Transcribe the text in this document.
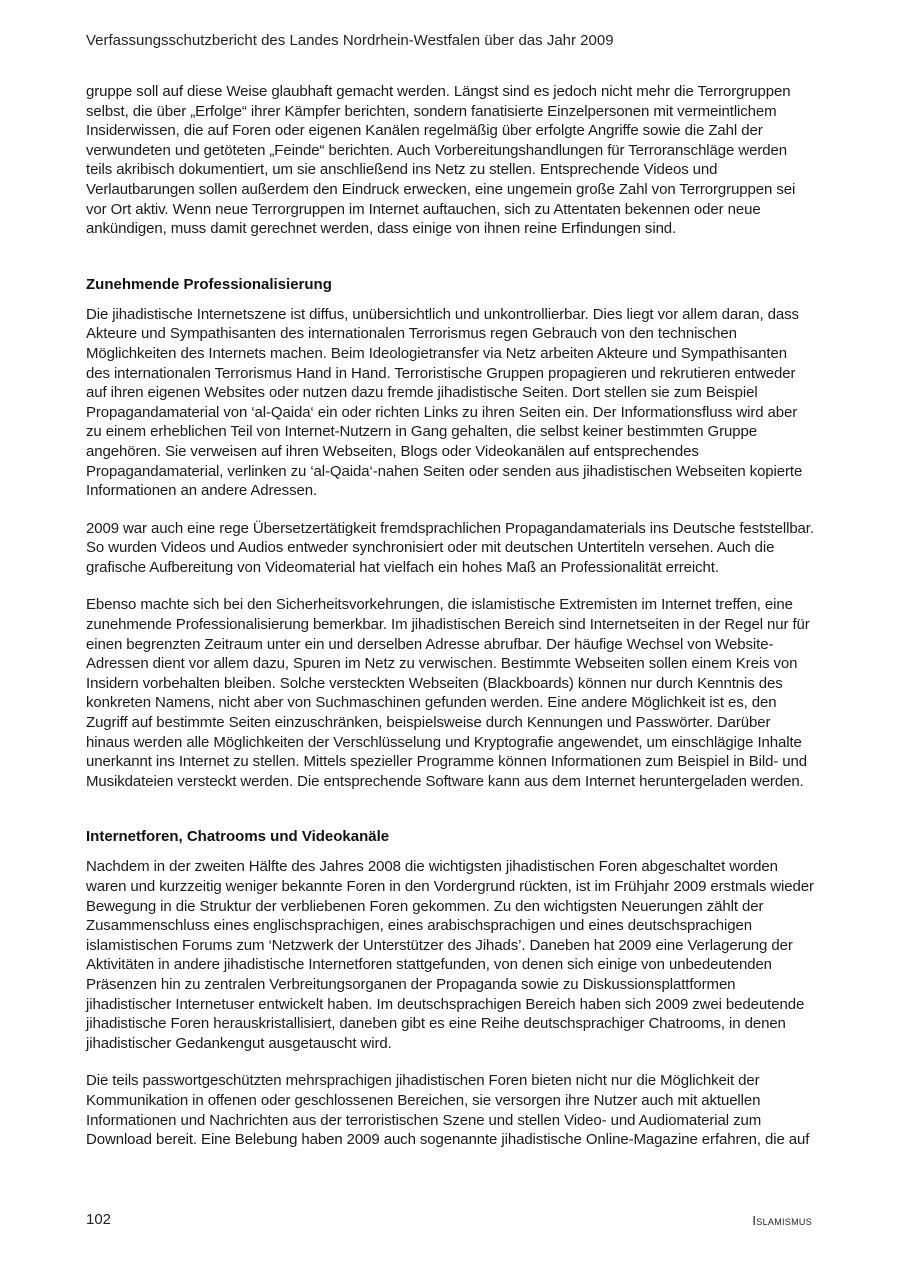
Verfassungsschutzbericht des Landes Nordrhein-Westfalen über das Jahr 2009

gruppe soll auf diese Weise glaubhaft gemacht werden. Längst sind es jedoch nicht mehr die Terrorgruppen selbst, die über „Erfolge“ ihrer Kämpfer berichten, sondern fanatisierte Einzelpersonen mit vermeintlichem Insiderwissen, die auf Foren oder eigenen Kanälen regelmäßig über erfolgte Angriffe sowie die Zahl der verwundeten und getöteten „Feinde“ berichten. Auch Vorbereitungshandlungen für Terroranschläge werden teils akribisch dokumentiert, um sie anschließend ins Netz zu stellen. Entsprechende Videos und Verlautbarungen sollen außerdem den Eindruck erwecken, eine ungemein große Zahl von Terrorgruppen sei vor Ort aktiv. Wenn neue Terrorgruppen im Internet auftauchen, sich zu Attentaten bekennen oder neue ankündigen, muss damit gerechnet werden, dass einige von ihnen reine Erfindungen sind.

Zunehmende Professionalisierung

Die jihadistische Internetszene ist diffus, unübersichtlich und unkontrollierbar. Dies liegt vor allem daran, dass Akteure und Sympathisanten des internationalen Terrorismus regen Gebrauch von den technischen Möglichkeiten des Internets machen. Beim Ideologietransfer via Netz arbeiten Akteure und Sympathisanten des internationalen Terrorismus Hand in Hand. Terroristische Gruppen propagieren und rekrutieren entweder auf ihren eigenen Websites oder nutzen dazu fremde jihadistische Seiten. Dort stellen sie zum Beispiel Propagandamaterial von ‘al-Qaida‘ ein oder richten Links zu ihren Seiten ein. Der Informationsfluss wird aber zu einem erheblichen Teil von Internet-Nutzern in Gang gehalten, die selbst keiner bestimmten Gruppe angehören. Sie verweisen auf ihren Webseiten, Blogs oder Videokanälen auf entsprechendes Propagandamaterial, verlinken zu ‘al-Qaida‘-nahen Seiten oder senden aus jihadistischen Webseiten kopierte Informationen an andere Adressen.

2009 war auch eine rege Übersetzertätigkeit fremdsprachlichen Propagandamaterials ins Deutsche feststellbar. So wurden Videos und Audios entweder synchronisiert oder mit deutschen Untertiteln versehen. Auch die grafische Aufbereitung von Videomaterial hat vielfach ein hohes Maß an Professionalität erreicht.

Ebenso machte sich bei den Sicherheitsvorkehrungen, die islamistische Extremisten im Internet treffen, eine zunehmende Professionalisierung bemerkbar. Im jihadistischen Bereich sind Internetseiten in der Regel nur für einen begrenzten Zeitraum unter ein und derselben Adresse abrufbar. Der häufige Wechsel von Website-Adressen dient vor allem dazu, Spuren im Netz zu verwischen. Bestimmte Webseiten sollen einem Kreis von Insidern vorbehalten bleiben. Solche versteckten Webseiten (Blackboards) können nur durch Kenntnis des konkreten Namens, nicht aber von Suchmaschinen gefunden werden. Eine andere Möglichkeit ist es, den Zugriff auf bestimmte Seiten einzuschränken, beispielsweise durch Kennungen und Passwörter. Darüber hinaus werden alle Möglichkeiten der Verschlüsselung und Kryptografie angewendet, um einschlägige Inhalte unerkannt ins Internet zu stellen. Mittels spezieller Programme können Informationen zum Beispiel in Bild- und Musikdateien versteckt werden. Die entsprechende Software kann aus dem Internet heruntergeladen werden.

Internetforen, Chatrooms und Videokanäle

Nachdem in der zweiten Hälfte des Jahres 2008 die wichtigsten jihadistischen Foren abgeschaltet worden waren und kurzzeitig weniger bekannte Foren in den Vordergrund rückten, ist im Frühjahr 2009 erstmals wieder Bewegung in die Struktur der verbliebenen Foren gekommen. Zu den wichtigsten Neuerungen zählt der Zusammenschluss eines englischsprachigen, eines arabischsprachigen und eines deutschsprachigen islamistischen Forums zum ‘Netzwerk der Unterstützer des Jihads’. Daneben hat 2009 eine Verlagerung der Aktivitäten in andere jihadistische Internetforen stattgefunden, von denen sich einige von unbedeutenden Präsenzen hin zu zentralen Verbreitungsorganen der Propaganda sowie zu Diskussionsplattformen jihadistischer Internetuser entwickelt haben. Im deutschsprachigen Bereich haben sich 2009 zwei bedeutende jihadistische Foren herauskristallisiert, daneben gibt es eine Reihe deutschsprachiger Chatrooms, in denen jihadistischer Gedankengut ausgetauscht wird.

Die teils passwortgeschützten mehrsprachigen jihadistischen Foren bieten nicht nur die Möglichkeit der Kommunikation in offenen oder geschlossenen Bereichen, sie versorgen ihre Nutzer auch mit aktuellen Informationen und Nachrichten aus der terroristischen Szene und stellen Video- und Audiomaterial zum Download bereit. Eine Belebung haben 2009 auch sogenannte jihadistische Online-Magazine erfahren, die auf

102	Islamismus
